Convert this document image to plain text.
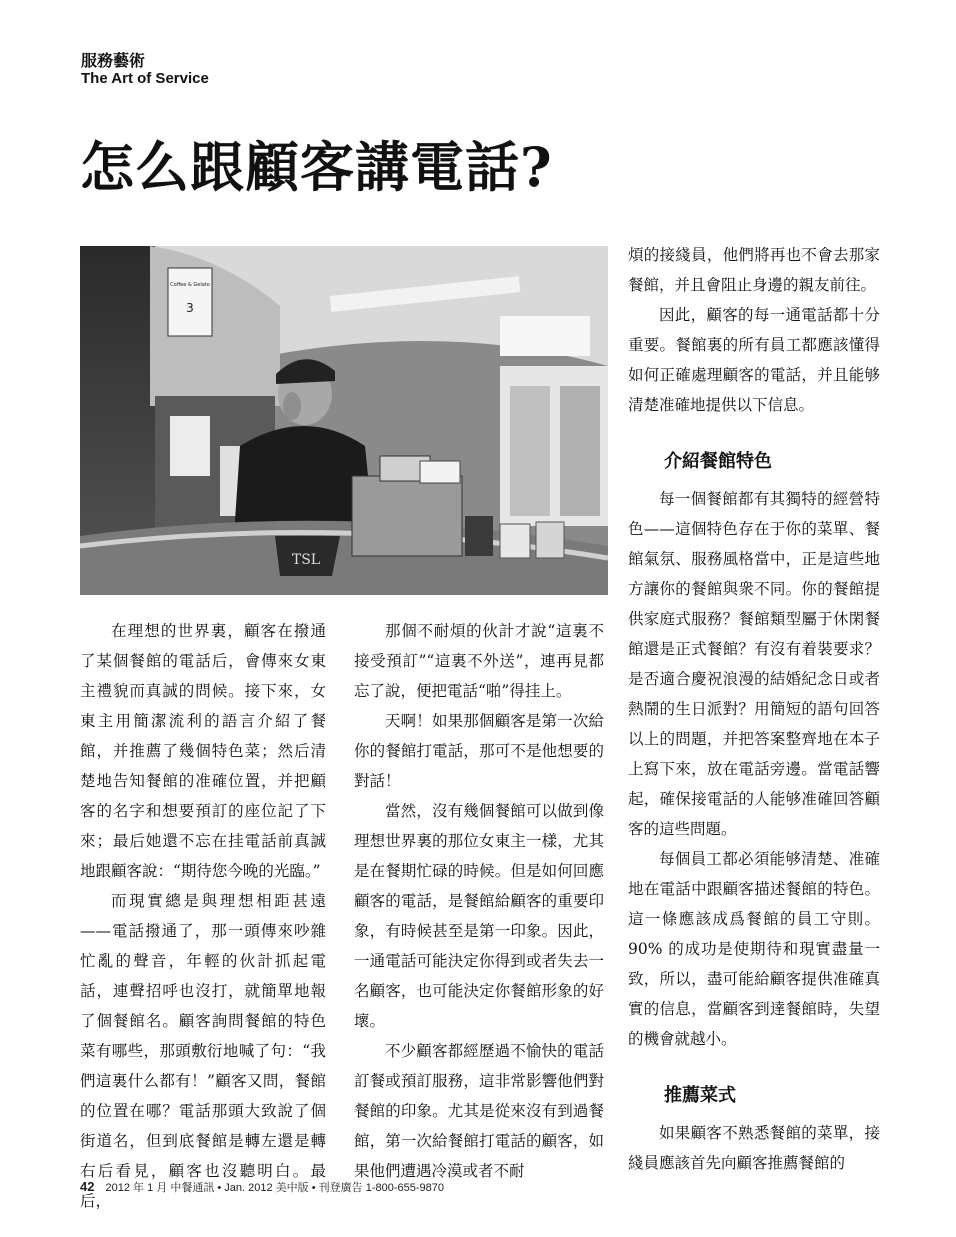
服務藝術
The Art of Service
怎么跟顧客講電話?
Coffee & Gelato
3
TSL

在理想的世界裏，顧客在撥通了某個餐館的電話后，會傳來女東主禮貌而真誠的問候。接下來，女東主用簡潔流利的語言介紹了餐館，并推薦了幾個特色菜；然后清楚地告知餐館的准確位置，并把顧客的名字和想要預訂的座位記了下來；最后她還不忘在挂電話前真誠地跟顧客說：“期待您今晚的光臨。”

而現實總是與理想相距甚遠——電話撥通了，那一頭傳來吵雜忙亂的聲音，年輕的伙計抓起電話，連聲招呼也沒打，就簡單地報了個餐館名。顧客詢問餐館的特色菜有哪些，那頭敷衍地喊了句：“我們這裏什么都有！”顧客又問，餐館的位置在哪？電話那頭大致說了個街道名，但到底餐館是轉左還是轉右后看見，顧客也沒聽明白。最后，

那個不耐煩的伙計才說“這裏不接受預訂”“這裏不外送”，連再見都忘了說，便把電話“啪”得挂上。

天啊！如果那個顧客是第一次給你的餐館打電話，那可不是他想要的對話！

當然，沒有幾個餐館可以做到像理想世界裏的那位女東主一樣，尤其是在餐期忙碌的時候。但是如何回應顧客的電話，是餐館給顧客的重要印象，有時候甚至是第一印象。因此，一通電話可能決定你得到或者失去一名顧客，也可能決定你餐館形象的好壞。

不少顧客都經歷過不愉快的電話訂餐或預訂服務，這非常影響他們對餐館的印象。尤其是從來沒有到過餐館，第一次給餐館打電話的顧客，如果他們遭遇冷漠或者不耐

煩的接綫員，他們將再也不會去那家餐館，并且會阻止身邊的親友前往。

因此，顧客的每一通電話都十分重要。餐館裏的所有員工都應該懂得如何正確處理顧客的電話，并且能够清楚准確地提供以下信息。

介紹餐館特色

每一個餐館都有其獨特的經營特色——這個特色存在于你的菜單、餐館氣氛、服務風格當中，正是這些地方讓你的餐館與衆不同。你的餐館提供家庭式服務？餐館類型屬于休閑餐館還是正式餐館？有沒有着裝要求？是否適合慶祝浪漫的結婚紀念日或者熱鬧的生日派對？用簡短的語句回答以上的問題，并把答案整齊地在本子上寫下來，放在電話旁邊。當電話響起，確保接電話的人能够准確回答顧客的這些問題。

每個員工都必須能够清楚、准確地在電話中跟顧客描述餐館的特色。這一條應該成爲餐館的員工守則。90% 的成功是使期待和現實盡量一致，所以，盡可能給顧客提供准確真實的信息，當顧客到達餐館時，失望的機會就越小。

推薦菜式

如果顧客不熟悉餐館的菜單，接綫員應該首先向顧客推薦餐館的

42 2012 年 1 月 中餐通訊 • Jan. 2012 美中版 • 刊登廣告 1-800-655-9870
